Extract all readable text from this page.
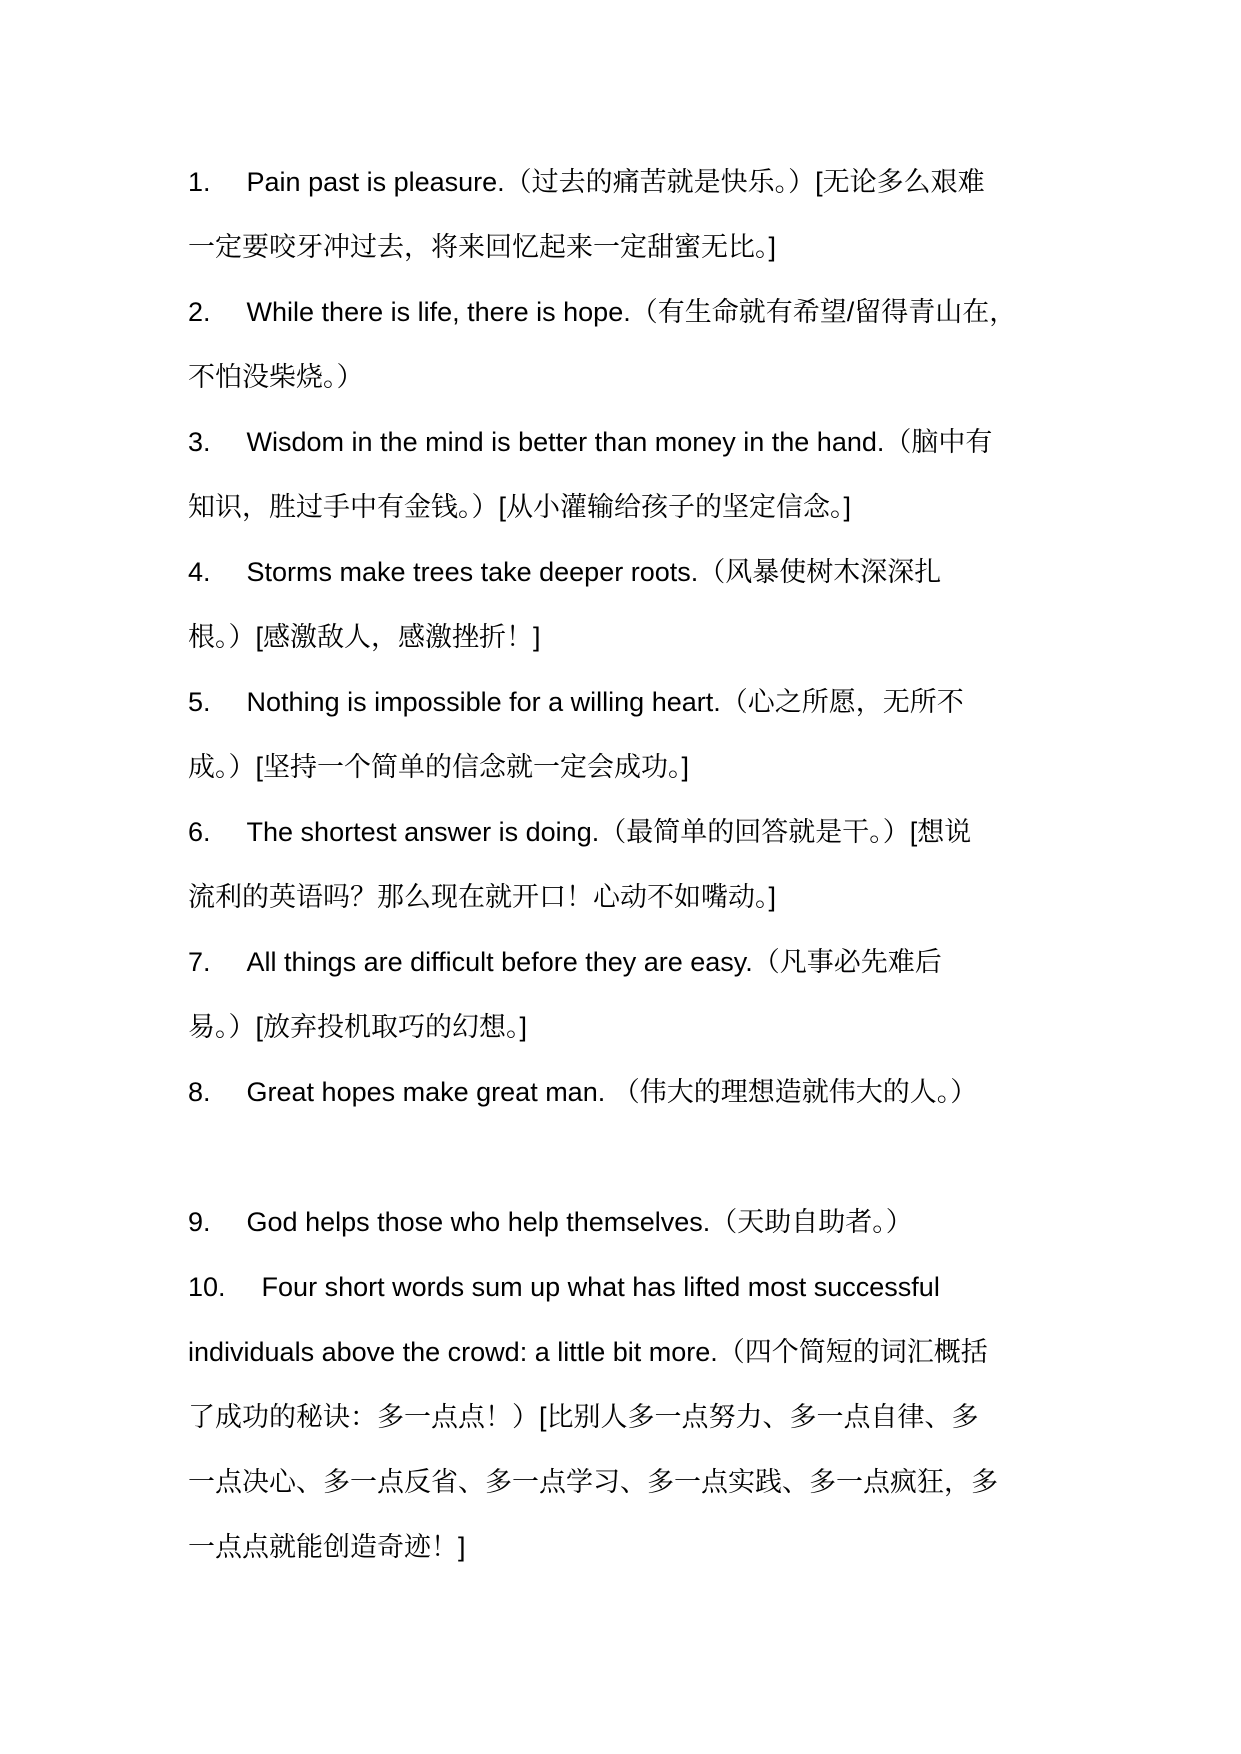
1. Pain past is pleasure.（过去的痛苦就是快乐。）[无论多么艰难
一定要咬牙冲过去，将来回忆起来一定甜蜜无比。]
2. While there is life, there is hope.（有生命就有希望/留得青山在，
不怕没柴烧。）
3. Wisdom in the mind is better than money in the hand.（脑中有
知识，胜过手中有金钱。）[从小灌输给孩子的坚定信念。]
4. Storms make trees take deeper roots.（风暴使树木深深扎
根。）[感激敌人，感激挫折！]
5. Nothing is impossible for a willing heart.（心之所愿，无所不
成。）[坚持一个简单的信念就一定会成功。]
6. The shortest answer is doing.（最简单的回答就是干。）[想说
流利的英语吗？那么现在就开口！心动不如嘴动。]
7. All things are difficult before they are easy.（凡事必先难后
易。）[放弃投机取巧的幻想。]
8. Great hopes make great man. （伟大的理想造就伟大的人。）
9. God helps those who help themselves.（天助自助者。）
10. Four short words sum up what has lifted most successful
individuals above the crowd: a little bit more.（四个简短的词汇概括
了成功的秘诀：多一点点！）[比别人多一点努力、多一点自律、多
一点决心、多一点反省、多一点学习、多一点实践、多一点疯狂，多
一点点就能创造奇迹！]
